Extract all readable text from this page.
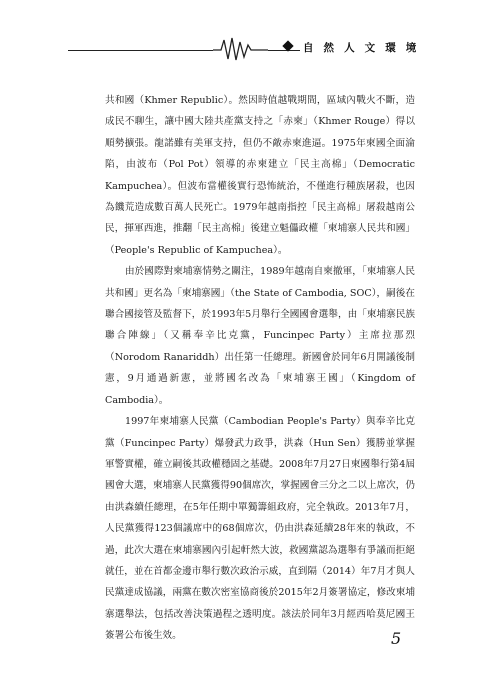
自 然 人 文 環 境

共和國（Khmer Republic）。然因時值越戰期間，區域內戰火不斷，造成民不聊生，讓中國大陸共產黨支持之「赤柬」（Khmer Rouge）得以順勢擴張。龍諾雖有美軍支持，但仍不敵赤柬進逼。1975年柬國全面淪陷，由波布（Pol Pot）領導的赤柬建立「民主高棉」（Democratic Kampuchea）。但波布當權後實行恐怖統治，不僅進行種族屠殺，也因為饑荒造成數百萬人民死亡。1979年越南指控「民主高棉」屠殺越南公民，揮軍西進，推翻「民主高棉」後建立魁儡政權「柬埔寨人民共和國」（People's Republic of Kampuchea）。

由於國際對柬埔寨情勢之關注，1989年越南自柬撤軍，「柬埔寨人民共和國」更名為「柬埔寨國」（the State of Cambodia, SOC），嗣後在聯合國接管及監督下，於1993年5月舉行全國國會選舉，由「柬埔寨民族聯合陣線」（又稱奉辛比克黨，Funcinpec Party）主席拉那烈（Norodom Ranariddh）出任第一任總理。新國會於同年6月開議後制憲，9月通過新憲，並將國名改為「柬埔寨王國」（Kingdom of Cambodia）。

1997年柬埔寨人民黨（Cambodian People's Party）與奉辛比克黨（Funcinpec Party）爆發武力政爭，洪森（Hun Sen）獲勝並掌握軍警實權，確立嗣後其政權穩固之基礎。2008年7月27日柬國舉行第4屆國會大選，柬埔寨人民黨獲得90個席次，掌握國會三分之二以上席次，仍由洪森續任總理，在5年任期中單獨籌組政府，完全執政。2013年7月，人民黨獲得123個議席中的68個席次，仍由洪森延續28年來的執政，不過，此次大選在柬埔寨國內引起軒然大波，救國黨認為選舉有爭議而拒絕就任，並在首都金邊市舉行數次政治示威，直到隔（2014）年7月才與人民黨達成協議，兩黨在數次密室協商後於2015年2月簽署協定，修改柬埔寨選舉法，包括改善決策過程之透明度。該法於同年3月經西哈莫尼國王簽署公布後生效。	5
